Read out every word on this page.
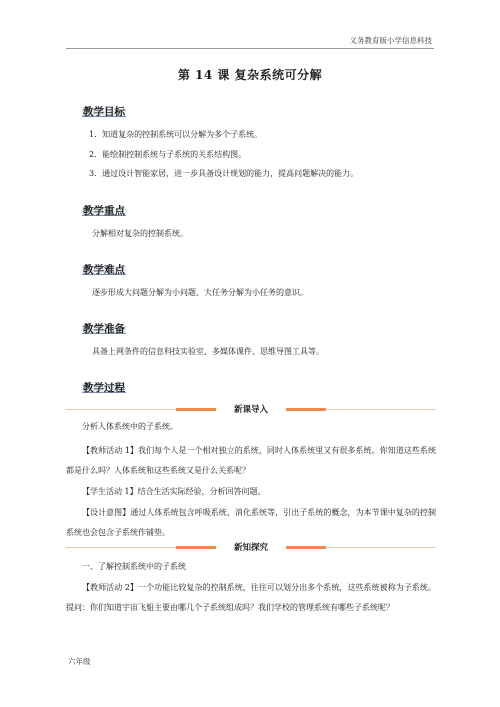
义务教育版小学信息科技
第 14 课 复杂系统可分解
教学目标
1．知道复杂的控制系统可以分解为多个子系统。
2．能绘制控制系统与子系统的关系结构图。
3．通过设计智能家居，进一步具备设计规划的能力，提高问题解决的能力。
教学重点
分解相对复杂的控制系统。
教学难点
逐步形成大问题分解为小问题、大任务分解为小任务的意识。
教学准备
具备上网条件的信息科技实验室、多媒体课件、思维导图工具等。
教学过程
新课导入
分析人体系统中的子系统。
【教师活动 1】我们每个人是一个相对独立的系统，同时人体系统里又有很多系统。你知道这些系统都是什么吗？人体系统和这些系统又是什么关系呢？
【学生活动 1】结合生活实际经验，分析回答问题。
【设计意图】通过人体系统包含呼吸系统、消化系统等，引出子系统的概念，为本节课中复杂的控制系统也会包含子系统作铺垫。
新知探究
一、了解控制系统中的子系统
【教师活动 2】一个功能比较复杂的控制系统，往往可以划分出多个系统，这些系统被称为子系统。提问：你们知道宇宙飞船主要由哪几个子系统组成吗？我们学校的管理系统有哪些子系统呢？
六年级
